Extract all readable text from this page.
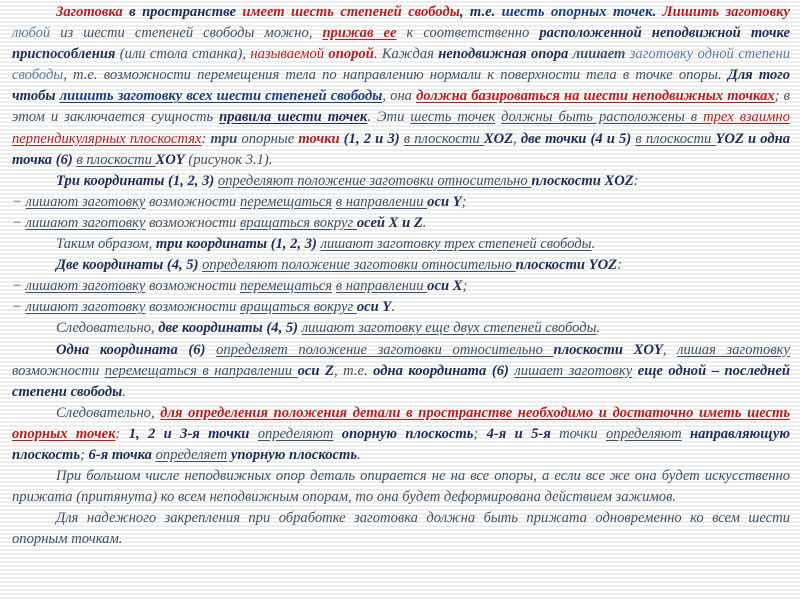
Заготовка в пространстве имеет шесть степеней свободы, т.е. шесть опорных точек. Лишить заготовку любой из шести степеней свободы можно, прижав ее к соответственно расположенной неподвижной точке приспособления (или стола станка), называемой опорой. Каждая неподвижная опора лишает заготовку одной степени свободы, т.е. возможности перемещения тела по направлению нормали к поверхности тела в точке опоры. Для того чтобы лишить заготовку всех шести степеней свободы, она должна базироваться на шести неподвижных точках; в этом и заключается сущность правила шести точек. Эти шесть точек должны быть расположены в трех взаимно перпендикулярных плоскостях: три опорные точки (1, 2 и 3) в плоскости XOZ, две точки (4 и 5) в плоскости YOZ и одна точка (6) в плоскости XOY (рисунок 3.1).

Три координаты (1, 2, 3) определяют положение заготовки относительно плоскости XOZ:

− лишают заготовку возможности перемещаться в направлении оси Y;

− лишают заготовку возможности вращаться вокруг осей X и Z.

Таким образом, три координаты (1, 2, 3) лишают заготовку трех степеней свободы.

Две координаты (4, 5) определяют положение заготовки относительно плоскости YOZ:

− лишают заготовку возможности перемещаться в направлении оси X;

− лишают заготовку возможности вращаться вокруг оси Y.

Следовательно, две координаты (4, 5) лишают заготовку еще двух степеней свободы.

Одна координата (6) определяет положение заготовки относительно плоскости XOY, лишая заготовку возможности перемещаться в направлении оси Z, т.е. одна координата (6) лишает заготовку еще одной – последней степени свободы.

Следовательно, для определения положения детали в пространстве необходимо и достаточно иметь шесть опорных точек: 1, 2 и 3-я точки определяют опорную плоскость; 4-я и 5-я точки определяют направляющую плоскость; 6-я точка определяет упорную плоскость.

При большом числе неподвижных опор деталь опирается не на все опоры, а если все же она будет искусственно прижата (притянута) ко всем неподвижным опорам, то она будет деформирована действием зажимов.

Для надежного закрепления при обработке заготовка должна быть прижата одновременно ко всем шести опорным точкам.
